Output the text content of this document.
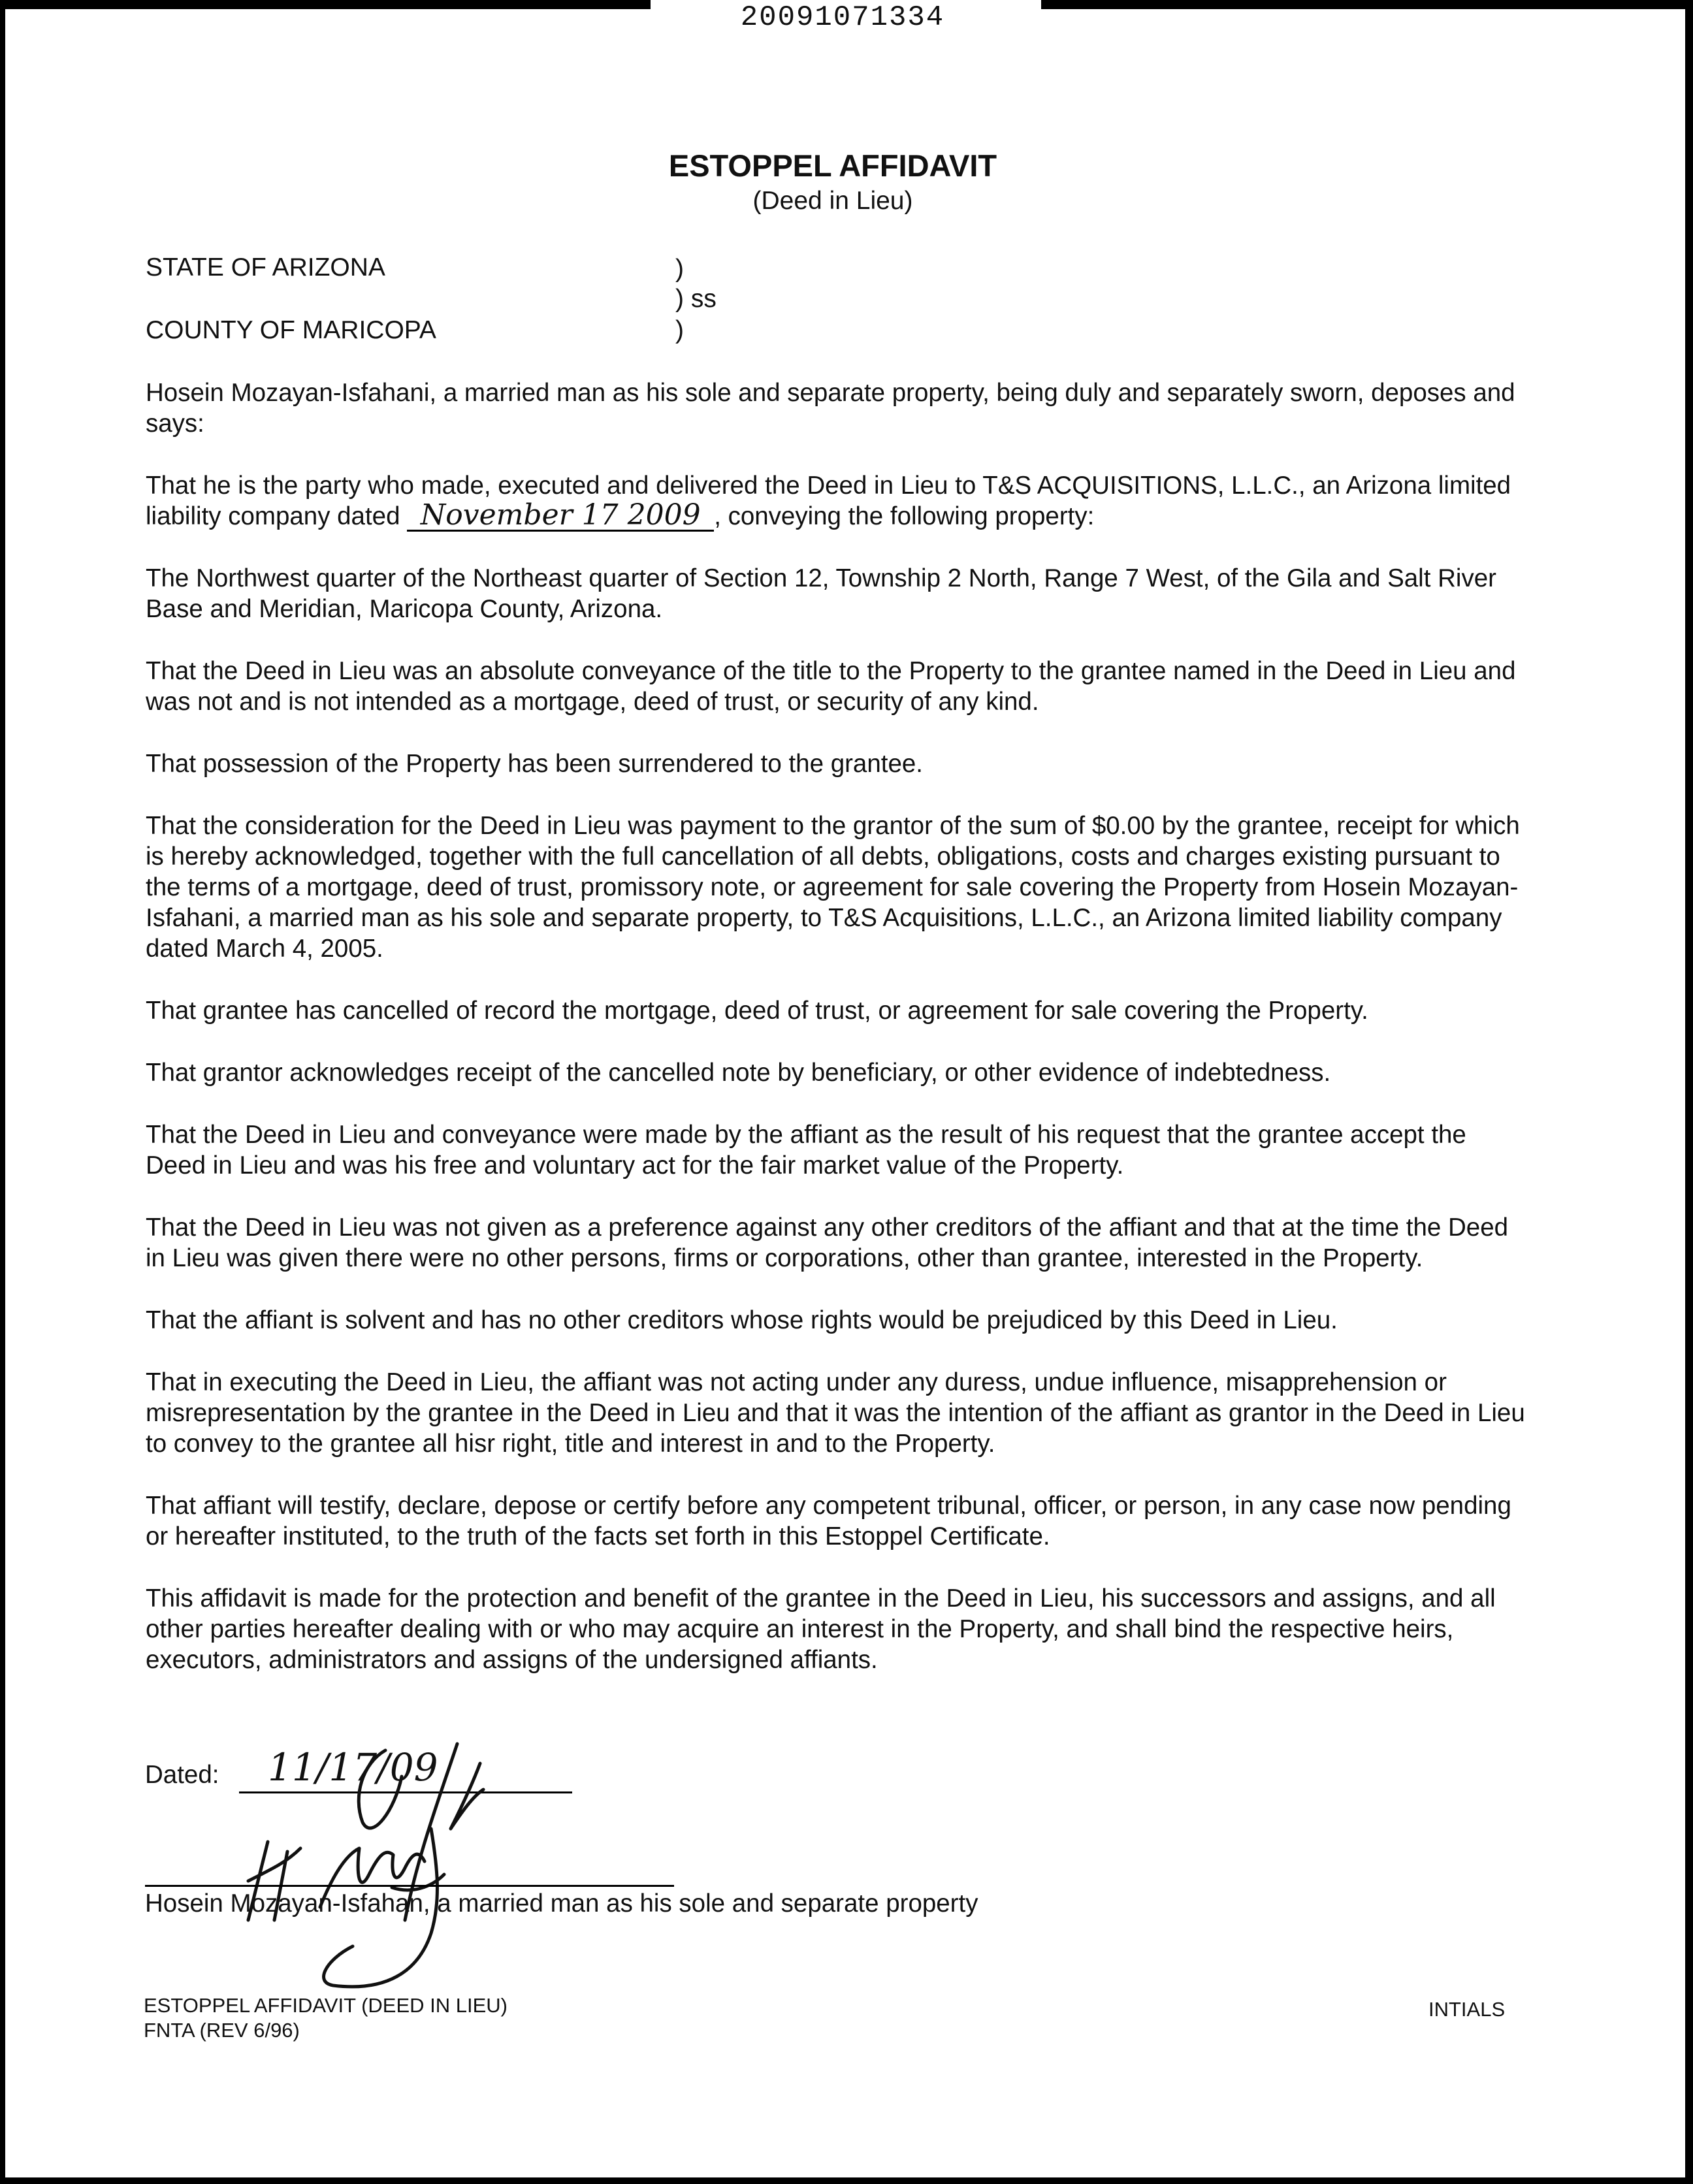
20091071334
ESTOPPEL AFFIDAVIT
(Deed in Lieu)
STATE OF ARIZONA	)
) ss
COUNTY OF MARICOPA	)

Hosein Mozayan-Isfahani, a married man as his sole and separate property, being duly and separately sworn, deposes and says:

That he is the party who made, executed and delivered the Deed in Lieu to T&S ACQUISITIONS, L.L.C., an Arizona limited liability company dated November 17 2009 , conveying the following property:

The Northwest quarter of the Northeast quarter of Section 12, Township 2 North, Range 7 West, of the Gila and Salt River Base and Meridian, Maricopa County, Arizona.

That the Deed in Lieu was an absolute conveyance of the title to the Property to the grantee named in the Deed in Lieu and was not and is not intended as a mortgage, deed of trust, or security of any kind.

That possession of the Property has been surrendered to the grantee.

That the consideration for the Deed in Lieu was payment to the grantor of the sum of $0.00 by the grantee, receipt for which is hereby acknowledged, together with the full cancellation of all debts, obligations, costs and charges existing pursuant to the terms of a mortgage, deed of trust, promissory note, or agreement for sale covering the Property from Hosein Mozayan-Isfahani, a married man as his sole and separate property, to T&S Acquisitions, L.L.C., an Arizona limited liability company dated March 4, 2005.

That grantee has cancelled of record the mortgage, deed of trust, or agreement for sale covering the Property.

That grantor acknowledges receipt of the cancelled note by beneficiary, or other evidence of indebtedness.

That the Deed in Lieu and conveyance were made by the affiant as the result of his request that the grantee accept the Deed in Lieu and was his free and voluntary act for the fair market value of the Property.

That the Deed in Lieu was not given as a preference against any other creditors of the affiant and that at the time the Deed in Lieu was given there were no other persons, firms or corporations, other than grantee, interested in the Property.

That the affiant is solvent and has no other creditors whose rights would be prejudiced by this Deed in Lieu.

That in executing the Deed in Lieu, the affiant was not acting under any duress, undue influence, misapprehension or misrepresentation by the grantee in the Deed in Lieu and that it was the intention of the affiant as grantor in the Deed in Lieu to convey to the grantee all hisr right, title and interest in and to the Property.

That affiant will testify, declare, depose or certify before any competent tribunal, officer, or person, in any case now pending or hereafter instituted, to the truth of the facts set forth in this Estoppel Certificate.

This affidavit is made for the protection and benefit of the grantee in the Deed in Lieu, his successors and assigns, and all other parties hereafter dealing with or who may acquire an interest in the Property, and shall bind the respective heirs, executors, administrators and assigns of the undersigned affiants.

Dated: 11/17/09
Hosein Mozayan-Isfahan, a married man as his sole and separate property
ESTOPPEL AFFIDAVIT (DEED IN LIEU)
FNTA (REV 6/96)
INTIALS
